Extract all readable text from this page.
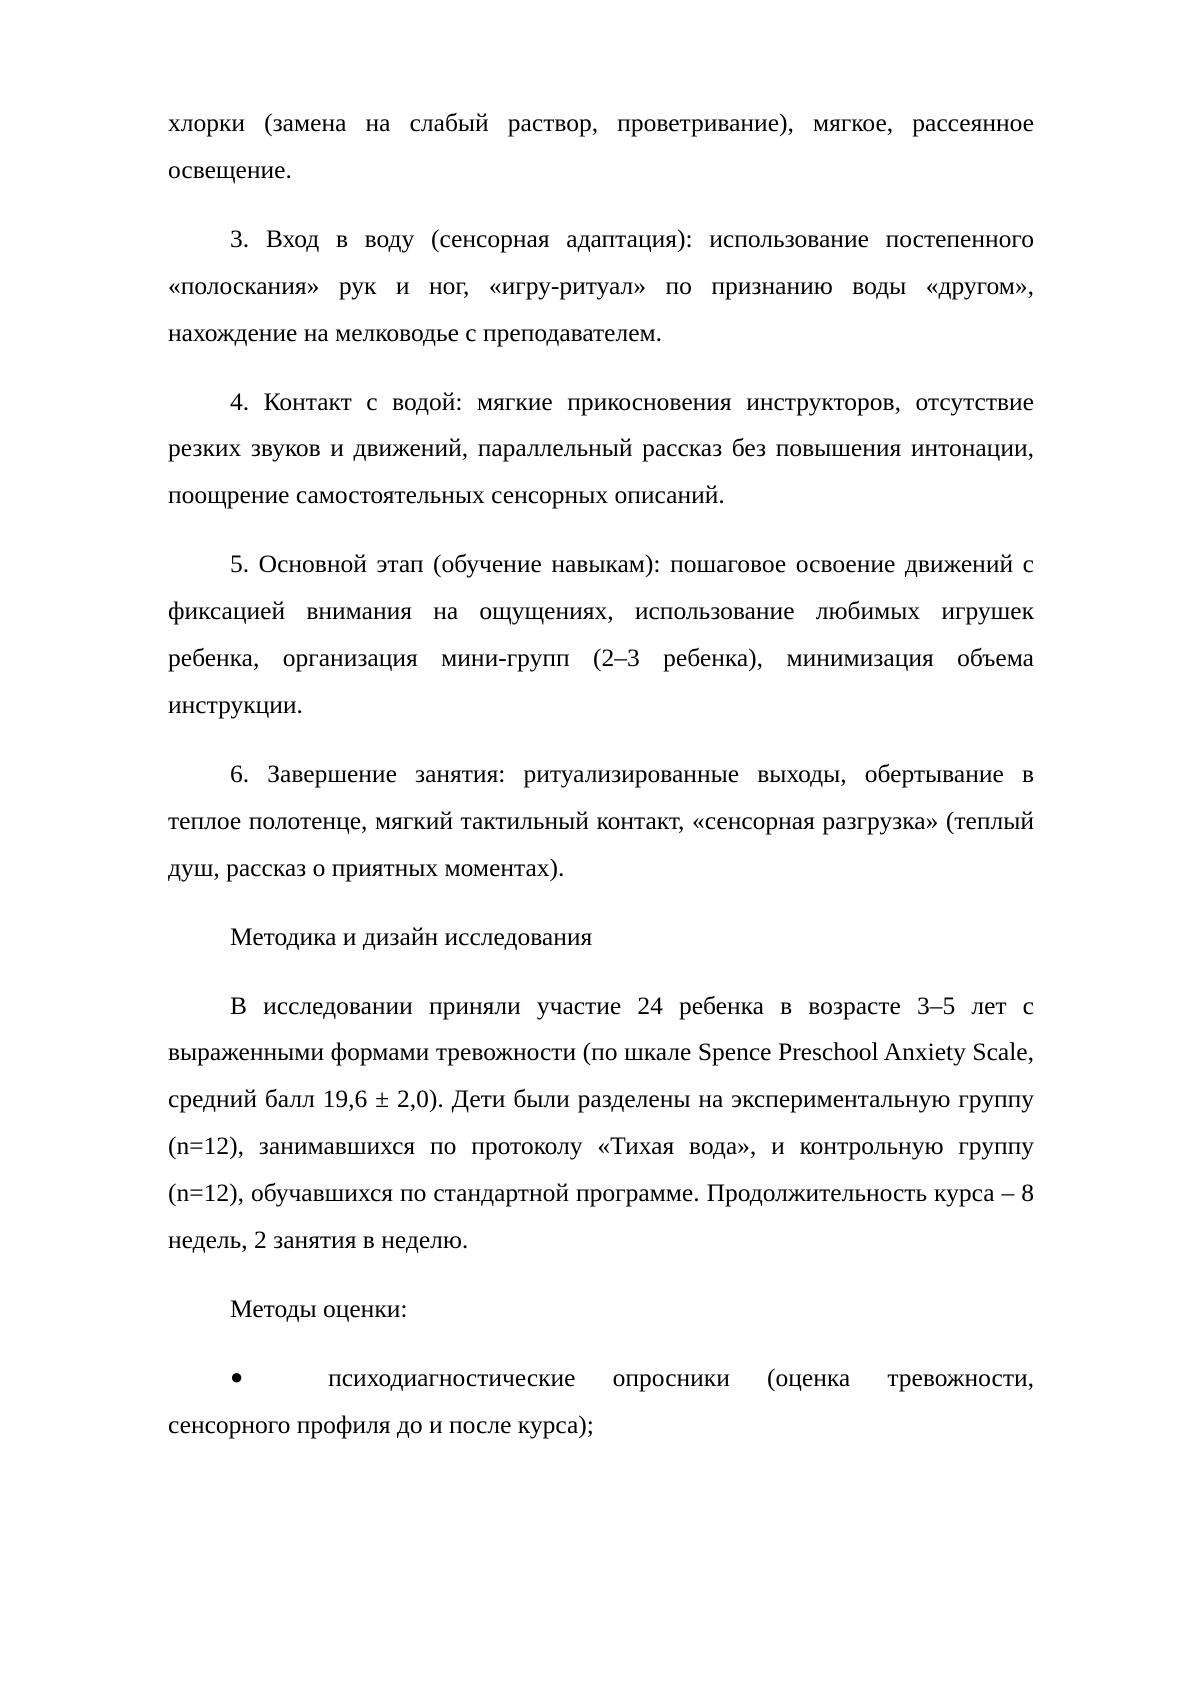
хлорки (замена на слабый раствор, проветривание), мягкое, рассеянное освещение.

3. Вход в воду (сенсорная адаптация): использование постепенного «полоскания» рук и ног, «игру-ритуал» по признанию воды «другом», нахождение на мелководье с преподавателем.

4. Контакт с водой: мягкие прикосновения инструкторов, отсутствие резких звуков и движений, параллельный рассказ без повышения интонации, поощрение самостоятельных сенсорных описаний.

5. Основной этап (обучение навыкам): пошаговое освоение движений с фиксацией внимания на ощущениях, использование любимых игрушек ребенка, организация мини-групп (2–3 ребенка), минимизация объема инструкции.

6. Завершение занятия: ритуализированные выходы, обертывание в теплое полотенце, мягкий тактильный контакт, «сенсорная разгрузка» (теплый душ, рассказ о приятных моментах).

Методика и дизайн исследования

В исследовании приняли участие 24 ребенка в возрасте 3–5 лет с выраженными формами тревожности (по шкале Spence Preschool Anxiety Scale, средний балл 19,6 ± 2,0). Дети были разделены на экспериментальную группу (n=12), занимавшихся по протоколу «Тихая вода», и контрольную группу (n=12), обучавшихся по стандартной программе. Продолжительность курса – 8 недель, 2 занятия в неделю.

Методы оценки:

● психодиагностические опросники (оценка тревожности, сенсорного профиля до и после курса);
